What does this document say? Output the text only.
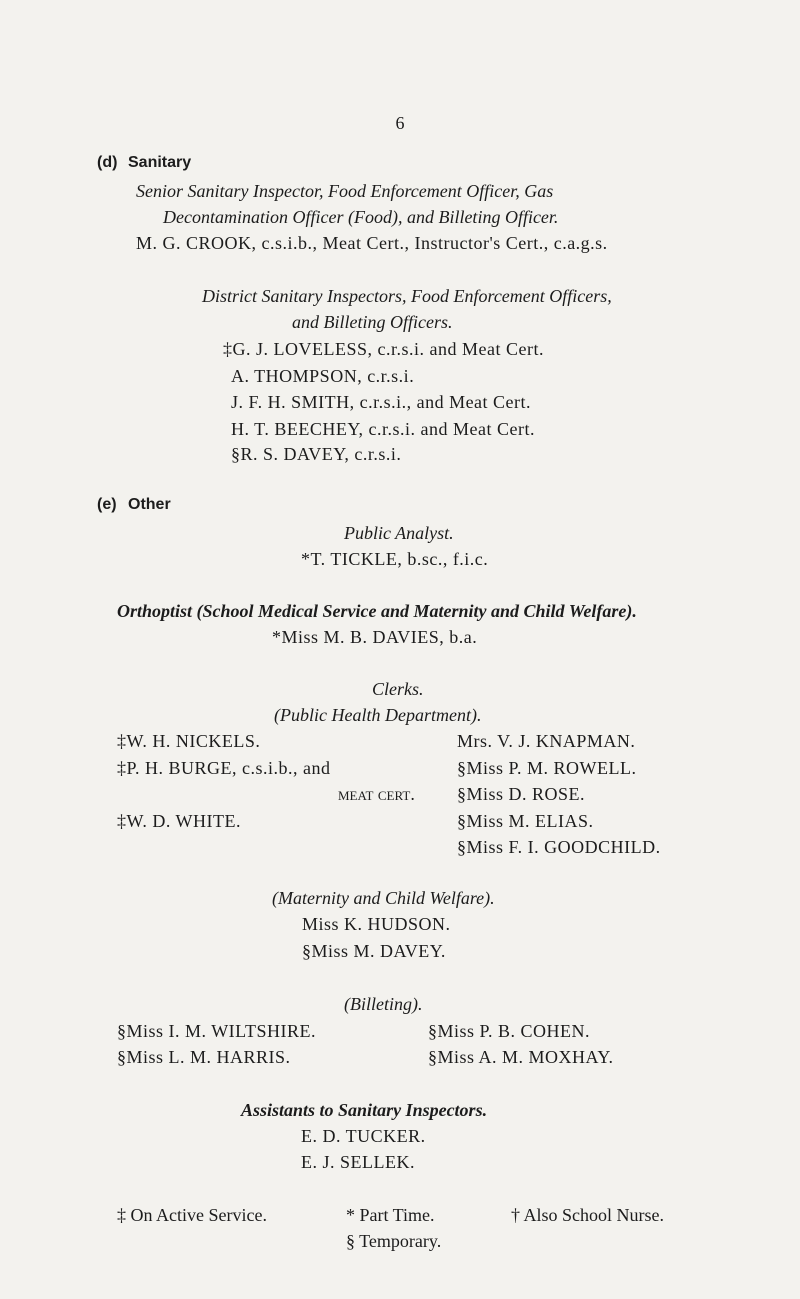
6
(d) Sanitary
Senior Sanitary Inspector, Food Enforcement Officer, Gas
Decontamination Officer (Food), and Billeting Officer.
M. G. CROOK, c.s.i.b., Meat Cert., Instructor's Cert., c.a.g.s.
District Sanitary Inspectors, Food Enforcement Officers,
and Billeting Officers.
‡G. J. LOVELESS, c.r.s.i. and Meat Cert.
A. THOMPSON, c.r.s.i.
J. F. H. SMITH, c.r.s.i., and Meat Cert.
H. T. BEECHEY, c.r.s.i. and Meat Cert.
§R. S. DAVEY, c.r.s.i.
(e) Other
Public Analyst.
*T. TICKLE, b.sc., f.i.c.
Orthoptist (School Medical Service and Maternity and Child Welfare).
*Miss M. B. DAVIES, b.a.
Clerks.
(Public Health Department).
‡W. H. NICKELS.
‡P. H. BURGE, c.s.i.b., and
meat cert.
‡W. D. WHITE.
Mrs. V. J. KNAPMAN.
§Miss P. M. ROWELL.
§Miss D. ROSE.
§Miss M. ELIAS.
§Miss F. I. GOODCHILD.
(Maternity and Child Welfare).
Miss K. HUDSON.
§Miss M. DAVEY.
(Billeting).
§Miss I. M. WILTSHIRE.
§Miss L. M. HARRIS.
§Miss P. B. COHEN.
§Miss A. M. MOXHAY.
Assistants to Sanitary Inspectors.
E. D. TUCKER.
E. J. SELLEK.
‡ On Active Service.	* Part Time.	† Also School Nurse.
§ Temporary.
